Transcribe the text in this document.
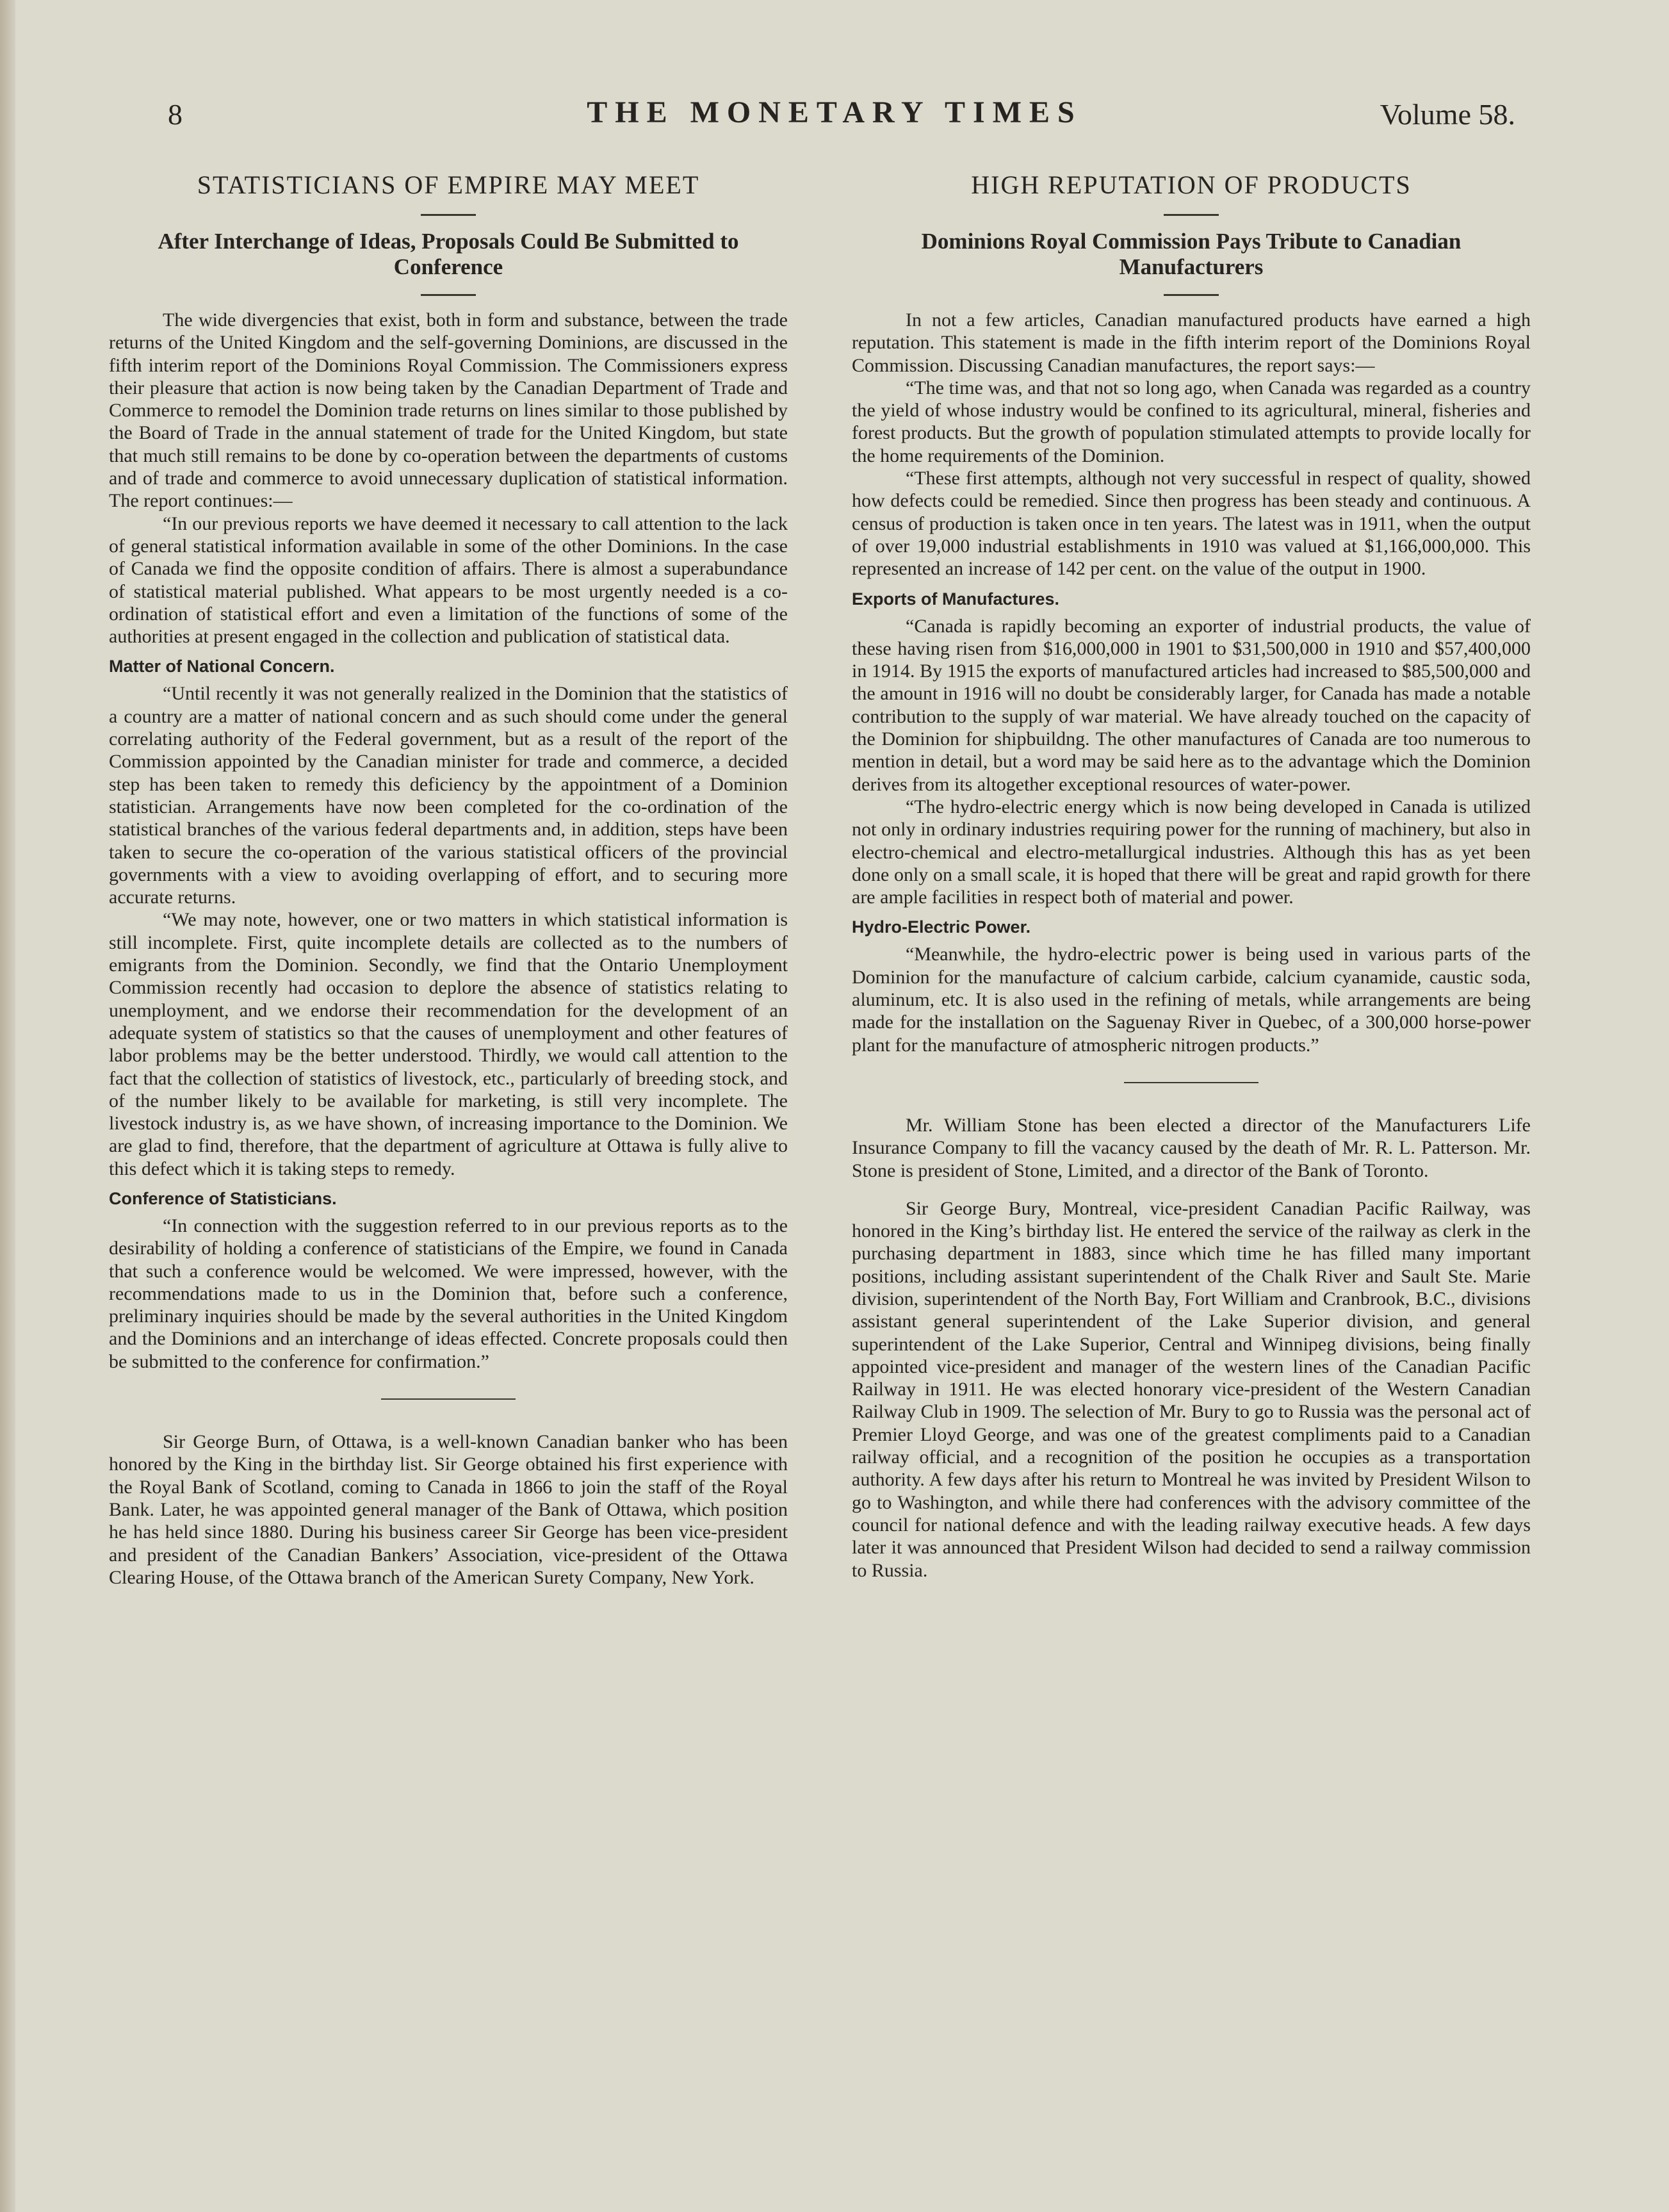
8	THE MONETARY TIMES	Volume 58.
STATISTICIANS OF EMPIRE MAY MEET
After Interchange of Ideas, Proposals Could Be Submitted to Conference

The wide divergencies that exist, both in form and substance, between the trade returns of the United Kingdom and the self-governing Dominions, are discussed in the fifth interim report of the Dominions Royal Commission. The Commissioners express their pleasure that action is now being taken by the Canadian Department of Trade and Commerce to remodel the Dominion trade returns on lines similar to those published by the Board of Trade in the annual statement of trade for the United Kingdom, but state that much still remains to be done by co-operation between the departments of customs and of trade and commerce to avoid unnecessary duplication of statistical information. The report continues:—

“In our previous reports we have deemed it necessary to call attention to the lack of general statistical information available in some of the other Dominions. In the case of Canada we find the opposite condition of affairs. There is almost a superabundance of statistical material published. What appears to be most urgently needed is a co-ordination of statistical effort and even a limitation of the functions of some of the authorities at present engaged in the collection and publication of statistical data.

Matter of National Concern.

“Until recently it was not generally realized in the Dominion that the statistics of a country are a matter of national concern and as such should come under the general correlating authority of the Federal government, but as a result of the report of the Commission appointed by the Canadian minister for trade and commerce, a decided step has been taken to remedy this deficiency by the appointment of a Dominion statistician. Arrangements have now been completed for the co-ordination of the statistical branches of the various federal departments and, in addition, steps have been taken to secure the co-operation of the various statistical officers of the provincial governments with a view to avoiding overlapping of effort, and to securing more accurate returns.

“We may note, however, one or two matters in which statistical information is still incomplete. First, quite incomplete details are collected as to the numbers of emigrants from the Dominion. Secondly, we find that the Ontario Unemployment Commission recently had occasion to deplore the absence of statistics relating to unemployment, and we endorse their recommendation for the development of an adequate system of statistics so that the causes of unemployment and other features of labor problems may be the better understood. Thirdly, we would call attention to the fact that the collection of statistics of livestock, etc., particularly of breeding stock, and of the number likely to be available for marketing, is still very incomplete. The livestock industry is, as we have shown, of increasing importance to the Dominion. We are glad to find, therefore, that the department of agriculture at Ottawa is fully alive to this defect which it is taking steps to remedy.

Conference of Statisticians.

“In connection with the suggestion referred to in our previous reports as to the desirability of holding a conference of statisticians of the Empire, we found in Canada that such a conference would be welcomed. We were impressed, however, with the recommendations made to us in the Dominion that, before such a conference, preliminary inquiries should be made by the several authorities in the United Kingdom and the Dominions and an interchange of ideas effected. Concrete proposals could then be submitted to the conference for confirmation.”

Sir George Burn, of Ottawa, is a well-known Canadian banker who has been honored by the King in the birthday list. Sir George obtained his first experience with the Royal Bank of Scotland, coming to Canada in 1866 to join the staff of the Royal Bank. Later, he was appointed general manager of the Bank of Ottawa, which position he has held since 1880. During his business career Sir George has been vice-president and president of the Canadian Bankers’ Association, vice-president of the Ottawa Clearing House, of the Ottawa branch of the American Surety Company, New York.

HIGH REPUTATION OF PRODUCTS
Dominions Royal Commission Pays Tribute to Canadian Manufacturers

In not a few articles, Canadian manufactured products have earned a high reputation. This statement is made in the fifth interim report of the Dominions Royal Commission. Discussing Canadian manufactures, the report says:—

“The time was, and that not so long ago, when Canada was regarded as a country the yield of whose industry would be confined to its agricultural, mineral, fisheries and forest products. But the growth of population stimulated attempts to provide locally for the home requirements of the Dominion.

“These first attempts, although not very successful in respect of quality, showed how defects could be remedied. Since then progress has been steady and continuous. A census of production is taken once in ten years. The latest was in 1911, when the output of over 19,000 industrial establishments in 1910 was valued at $1,166,000,000. This represented an increase of 142 per cent. on the value of the output in 1900.

Exports of Manufactures.

“Canada is rapidly becoming an exporter of industrial products, the value of these having risen from $16,000,000 in 1901 to $31,500,000 in 1910 and $57,400,000 in 1914. By 1915 the exports of manufactured articles had increased to $85,500,000 and the amount in 1916 will no doubt be considerably larger, for Canada has made a notable contribution to the supply of war material. We have already touched on the capacity of the Dominion for shipbuildng. The other manufactures of Canada are too numerous to mention in detail, but a word may be said here as to the advantage which the Dominion derives from its altogether exceptional resources of water-power.

“The hydro-electric energy which is now being developed in Canada is utilized not only in ordinary industries requiring power for the running of machinery, but also in electro-chemical and electro-metallurgical industries. Although this has as yet been done only on a small scale, it is hoped that there will be great and rapid growth for there are ample facilities in respect both of material and power.

Hydro-Electric Power.

“Meanwhile, the hydro-electric power is being used in various parts of the Dominion for the manufacture of calcium carbide, calcium cyanamide, caustic soda, aluminum, etc. It is also used in the refining of metals, while arrangements are being made for the installation on the Saguenay River in Quebec, of a 300,000 horse-power plant for the manufacture of atmospheric nitrogen products.”

Mr. William Stone has been elected a director of the Manufacturers Life Insurance Company to fill the vacancy caused by the death of Mr. R. L. Patterson. Mr. Stone is president of Stone, Limited, and a director of the Bank of Toronto.

Sir George Bury, Montreal, vice-president Canadian Pacific Railway, was honored in the King’s birthday list. He entered the service of the railway as clerk in the purchasing department in 1883, since which time he has filled many important positions, including assistant superintendent of the Chalk River and Sault Ste. Marie division, superintendent of the North Bay, Fort William and Cranbrook, B.C., divisions assistant general superintendent of the Lake Superior division, and general superintendent of the Lake Superior, Central and Winnipeg divisions, being finally appointed vice-president and manager of the western lines of the Canadian Pacific Railway in 1911. He was elected honorary vice-president of the Western Canadian Railway Club in 1909. The selection of Mr. Bury to go to Russia was the personal act of Premier Lloyd George, and was one of the greatest compliments paid to a Canadian railway official, and a recognition of the position he occupies as a transportation authority. A few days after his return to Montreal he was invited by President Wilson to go to Washington, and while there had conferences with the advisory committee of the council for national defence and with the leading railway executive heads. A few days later it was announced that President Wilson had decided to send a railway commission to Russia.
